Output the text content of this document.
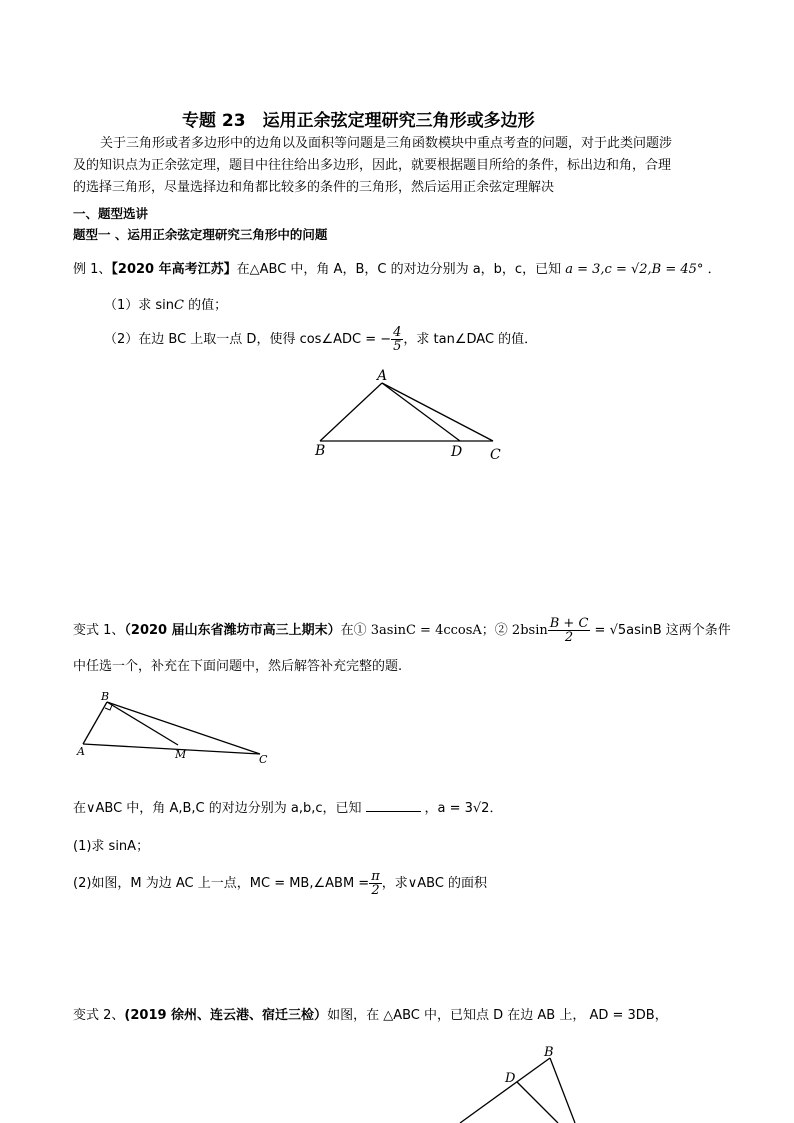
专题 23　运用正余弦定理研究三角形或多边形
关于三角形或者多边形中的边角以及面积等问题是三角函数模块中重点考查的问题，对于此类问题涉
及的知识点为正余弦定理，题目中往往给出多边形，因此，就要根据题目所给的条件，标出边和角，合理
的选择三角形，尽量选择边和角都比较多的条件的三角形，然后运用正余弦定理解决
一、题型选讲
题型一 、运用正余弦定理研究三角形中的问题
例 1、【2020 年高考江苏】在△ABC 中，角 A，B，C 的对边分别为 a，b，c，已知 a = 3,c = √2,B = 45° ．
（1）求 sinC 的值；
（2）在边 BC 上取一点 D，使得 cos∠ADC = − $\frac{4}{5}$ ，求 tan∠DAC 的值．
A
B	D C
变式 1、（2020 届山东省潍坊市高三上期末）在① 3asinC = 4ccosA；② $2bsin \frac{B + C}{2} = √5asinB$ 这两个条件
中任选一个，补充在下面问题中，然后解答补充完整的题.
B
A	M	C
在∨ABC 中，角 A,B,C 的对边分别为 a,b,c，已知	，a = 3√2．
(1)求 sinA；
(2)如图，M 为边 AC 上一点，MC = MB,∠ABM = $\frac{\pi}{2}$ ，求∨ABC 的面积
变式 2、(2019 徐州、连云港、宿迁三检）如图，在 △ABC 中，已知点 D 在边 AB 上， AD = 3DB，
B
D
